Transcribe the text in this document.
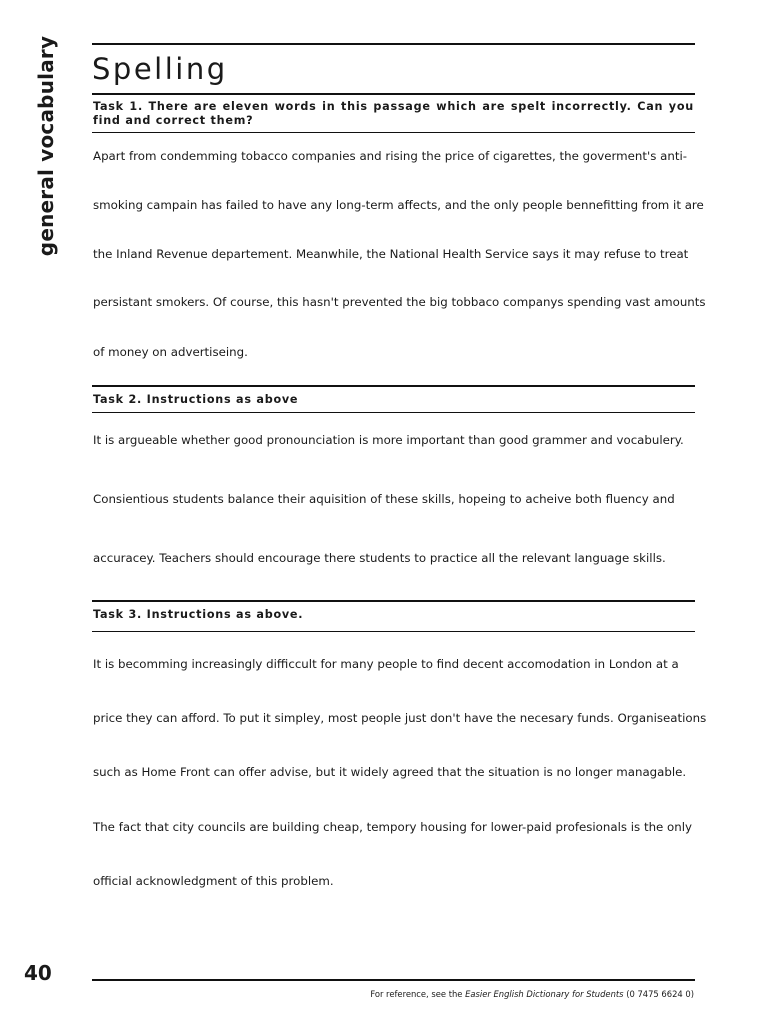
general vocabulary Spelling
Task 1. There are eleven words in this passage which are spelt incorrectly. Can you find and correct them?
Apart from condemming tobacco companies and rising the price of cigarettes, the goverment's anti-
smoking campain has failed to have any long-term affects, and the only people bennefitting from it are
the Inland Revenue departement. Meanwhile, the National Health Service says it may refuse to treat
persistant smokers. Of course, this hasn't prevented the big tobbaco companys spending vast amounts
of money on advertiseing.
Task 2. Instructions as above
It is argueable whether good pronounciation is more important than good grammer and vocabulery.
Consientious students balance their aquisition of these skills, hopeing to acheive both fluency and
accuracey. Teachers should encourage there students to practice all the relevant language skills.
Task 3. Instructions as above.
It is becomming increasingly difficcult for many people to find decent accomodation in London at a
price they can afford. To put it simpley, most people just don't have the necesary funds. Organiseations
such as Home Front can offer advise, but it widely agreed that the situation is no longer managable.
The fact that city councils are building cheap, tempory housing for lower-paid profesionals is the only
official acknowledgment of this problem.
40
For reference, see the Easier English Dictionary for Students (0 7475 6624 0)
